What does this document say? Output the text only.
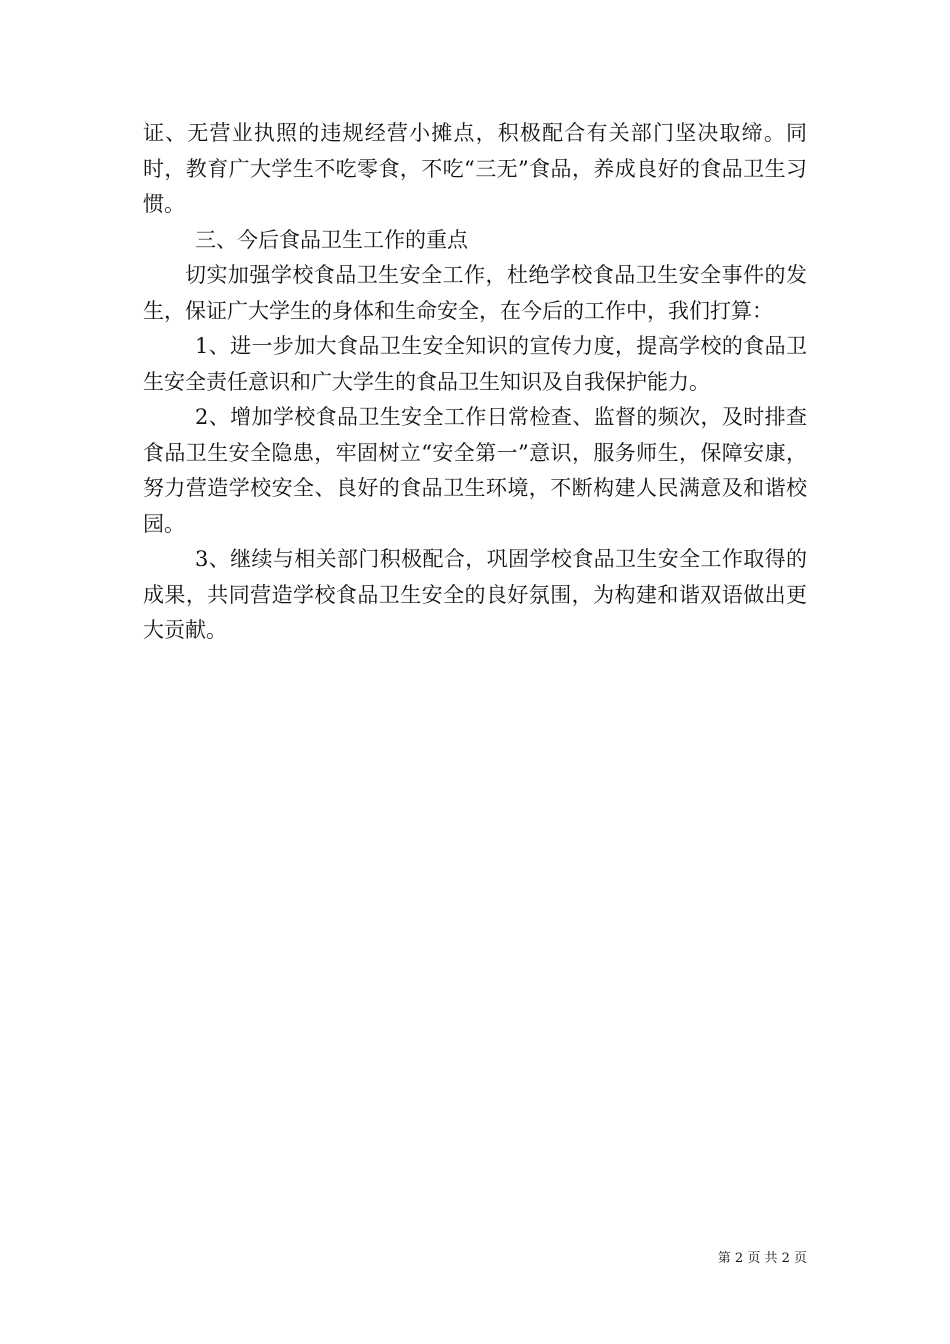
证、无营业执照的违规经营小摊点，积极配合有关部门坚决取缔。同时，教育广大学生不吃零食，不吃“三无”食品，养成良好的食品卫生习惯。

三、今后食品卫生工作的重点

切实加强学校食品卫生安全工作，杜绝学校食品卫生安全事件的发生，保证广大学生的身体和生命安全，在今后的工作中，我们打算：

1、进一步加大食品卫生安全知识的宣传力度，提高学校的食品卫生安全责任意识和广大学生的食品卫生知识及自我保护能力。

2、增加学校食品卫生安全工作日常检查、监督的频次，及时排查食品卫生安全隐患，牢固树立“安全第一”意识，服务师生，保障安康，努力营造学校安全、良好的食品卫生环境，不断构建人民满意及和谐校园。

3、继续与相关部门积极配合，巩固学校食品卫生安全工作取得的成果，共同营造学校食品卫生安全的良好氛围，为构建和谐双语做出更大贡献。

第 2 页 共 2 页
